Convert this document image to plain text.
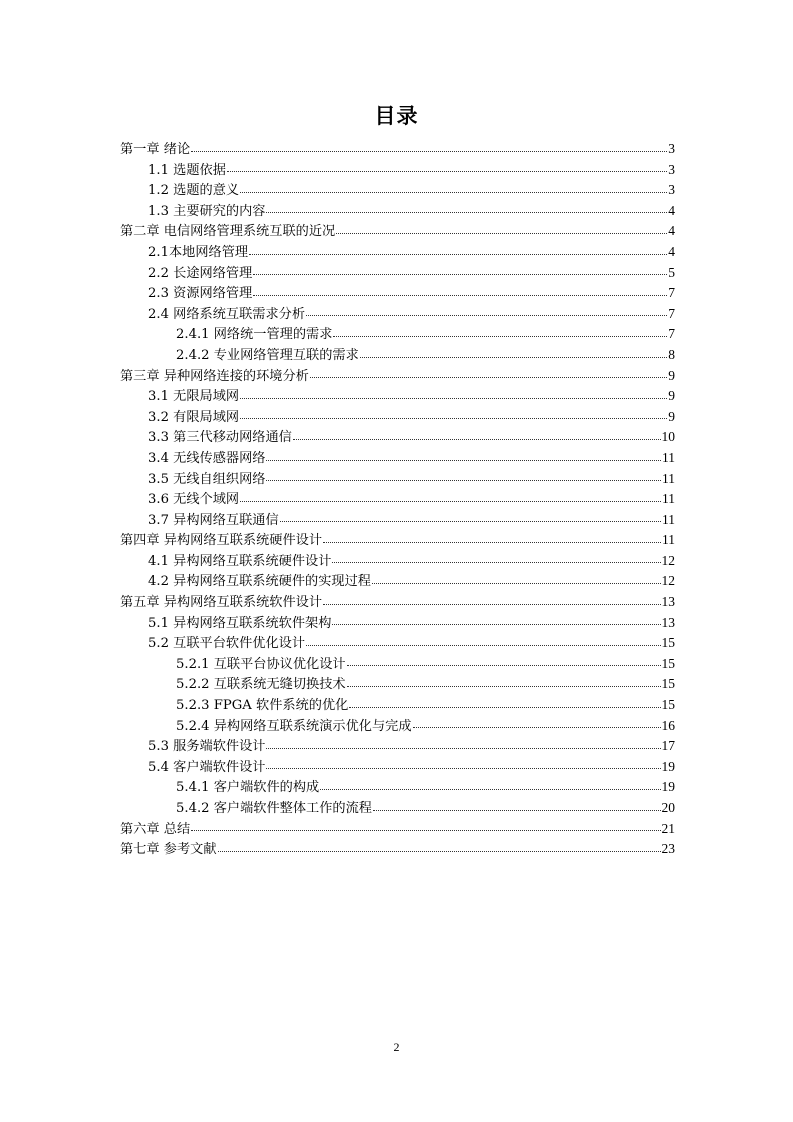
目录
第一章 绪论	3
1.1 选题依据	3
1.2 选题的意义	3
1.3 主要研究的内容	4
第二章 电信网络管理系统互联的近况	4
2.1本地网络管理	4
2.2 长途网络管理	5
2.3 资源网络管理	7
2.4 网络系统互联需求分析	7
2.4.1 网络统一管理的需求	7
2.4.2 专业网络管理互联的需求	8
第三章 异种网络连接的环境分析	9
3.1 无限局域网	9
3.2 有限局域网	9
3.3 第三代移动网络通信	10
3.4 无线传感器网络	11
3.5 无线自组织网络	11
3.6 无线个域网	11
3.7 异构网络互联通信	11
第四章 异构网络互联系统硬件设计	11
4.1 异构网络互联系统硬件设计	12
4.2 异构网络互联系统硬件的实现过程	12
第五章 异构网络互联系统软件设计	13
5.1 异构网络互联系统软件架构	13
5.2 互联平台软件优化设计	15
5.2.1 互联平台协议优化设计	15
5.2.2 互联系统无缝切换技术	15
5.2.3 FPGA 软件系统的优化	15
5.2.4 异构网络互联系统演示优化与完成	16
5.3 服务端软件设计	17
5.4 客户端软件设计	19
5.4.1 客户端软件的构成	19
5.4.2 客户端软件整体工作的流程	20
第六章 总结	21
第七章 参考文献	23
2
